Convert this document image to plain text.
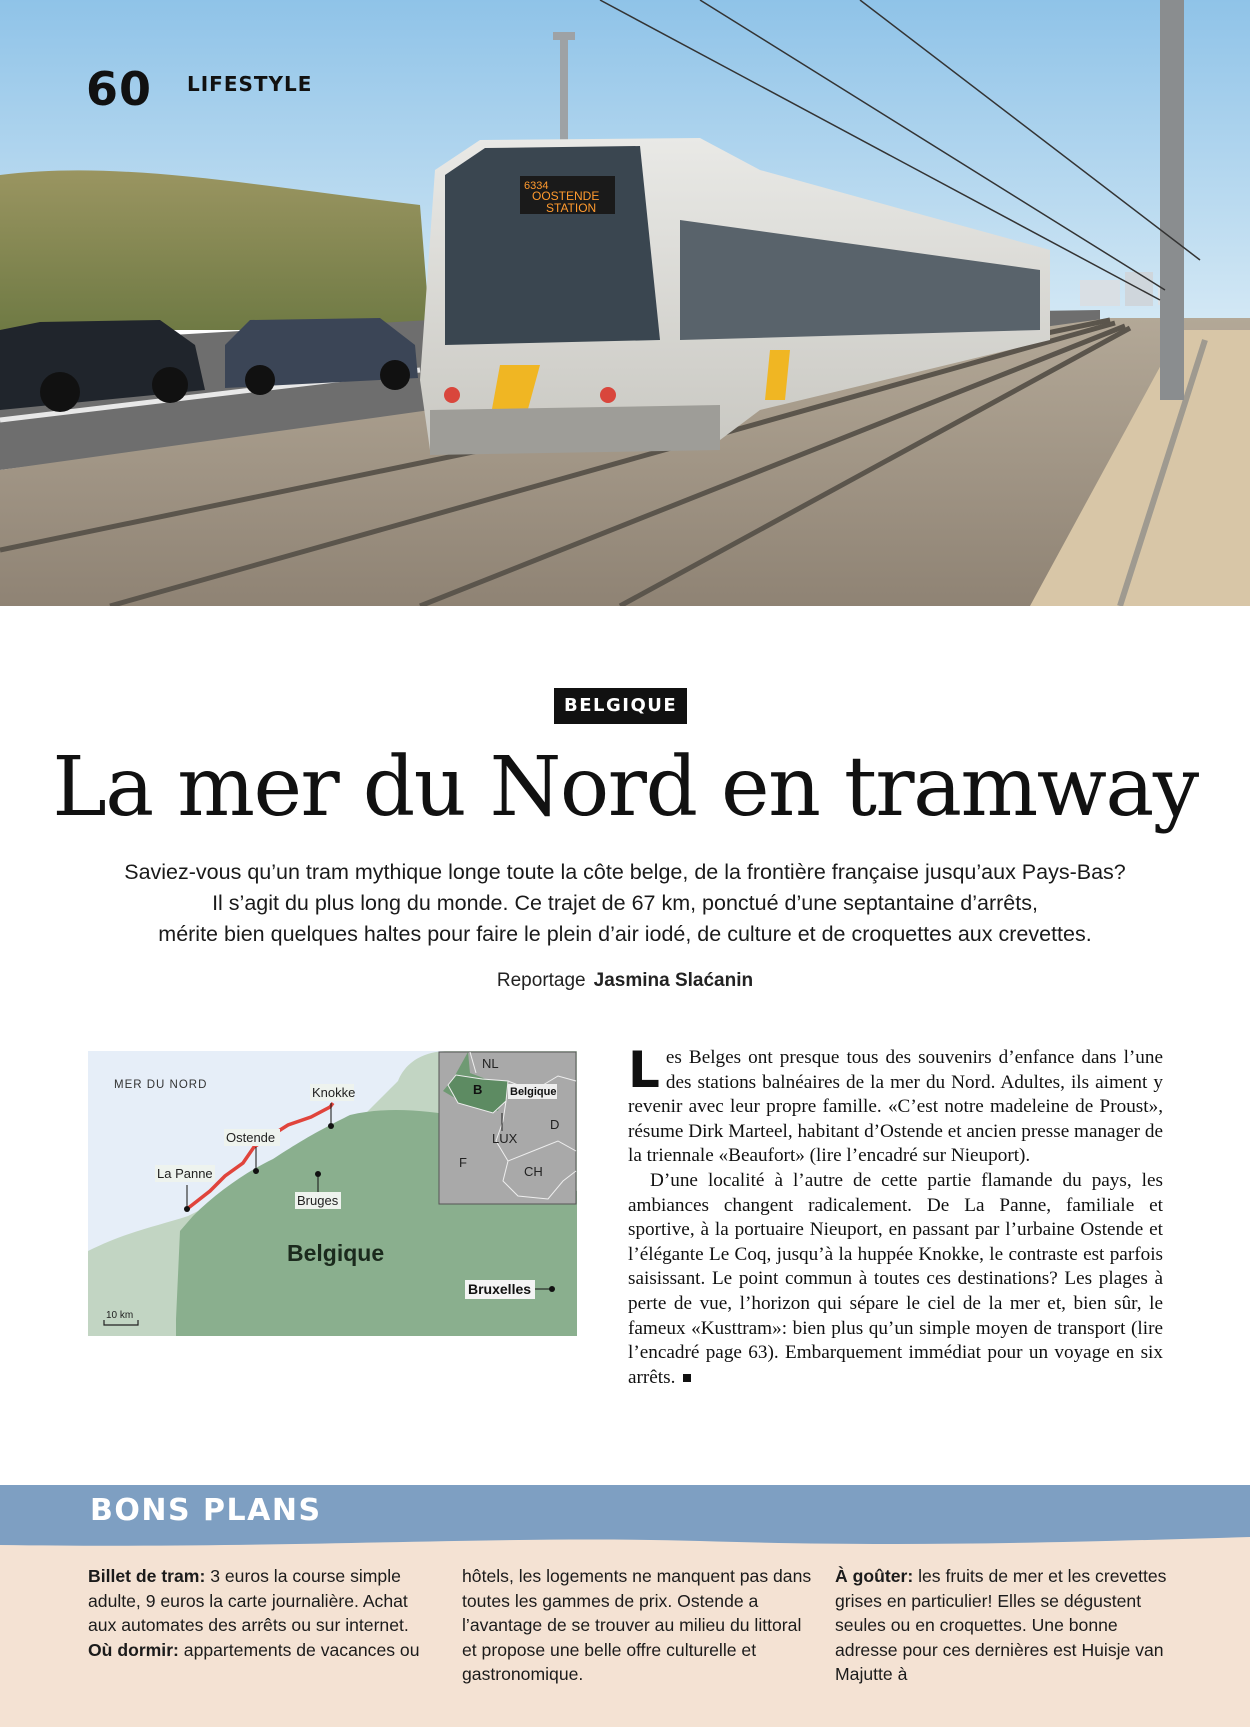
6334
OOSTENDE
STATION
60 LIFESTYLE
BELGIQUE
La mer du Nord en tramway
Saviez-vous qu’un tram mythique longe toute la côte belge, de la frontière française jusqu’aux Pays-Bas?
Il s’agit du plus long du monde. Ce trajet de 67 km, ponctué d’une septantaine d’arrêts,
mérite bien quelques haltes pour faire le plein d’air iodé, de culture et de croquettes aux crevettes.
Reportage Jasmina Slaćanin
MER DU NORD	Knokke
Ostende
La Panne
Bruges
Belgique
Bruxelles
10 km
NL
B	Belgique
D
LUX
F
CH

Les Belges ont presque tous des souvenirs d’enfance dans l’une des stations balnéaires de la mer du Nord. Adultes, ils aiment y revenir avec leur propre famille. «C’est notre madeleine de Proust», résume Dirk Marteel, habitant d’Ostende et ancien presse manager de la triennale «Beaufort» (lire l’encadré sur Nieuport).

D’une localité à l’autre de cette partie flamande du pays, les ambiances changent radicalement. De La Panne, familiale et sportive, à la portuaire Nieuport, en passant par l’urbaine Ostende et l’élégante Le Coq, jusqu’à la huppée Knokke, le contraste est parfois saisissant. Le point commun à toutes ces destinations? Les plages à perte de vue, l’horizon qui sépare le ciel de la mer et, bien sûr, le fameux «Kusttram»: bien plus qu’un simple moyen de transport (lire l’encadré page 63). Embarquement immédiat pour un voyage en six arrêts.

BONS PLANS

Billet de tram: 3 euros la course simple adulte, 9 euros la carte journalière. Achat aux automates des arrêts ou sur internet.

Où dormir: appartements de vacances ou

hôtels, les logements ne manquent pas dans toutes les gammes de prix. Ostende a l’avantage de se trouver au milieu du littoral et propose une belle offre culturelle et gastronomique.

À goûter: les fruits de mer et les crevettes grises en particulier! Elles se dégustent seules ou en croquettes. Une bonne adresse pour ces dernières est Huisje van Majutte à
